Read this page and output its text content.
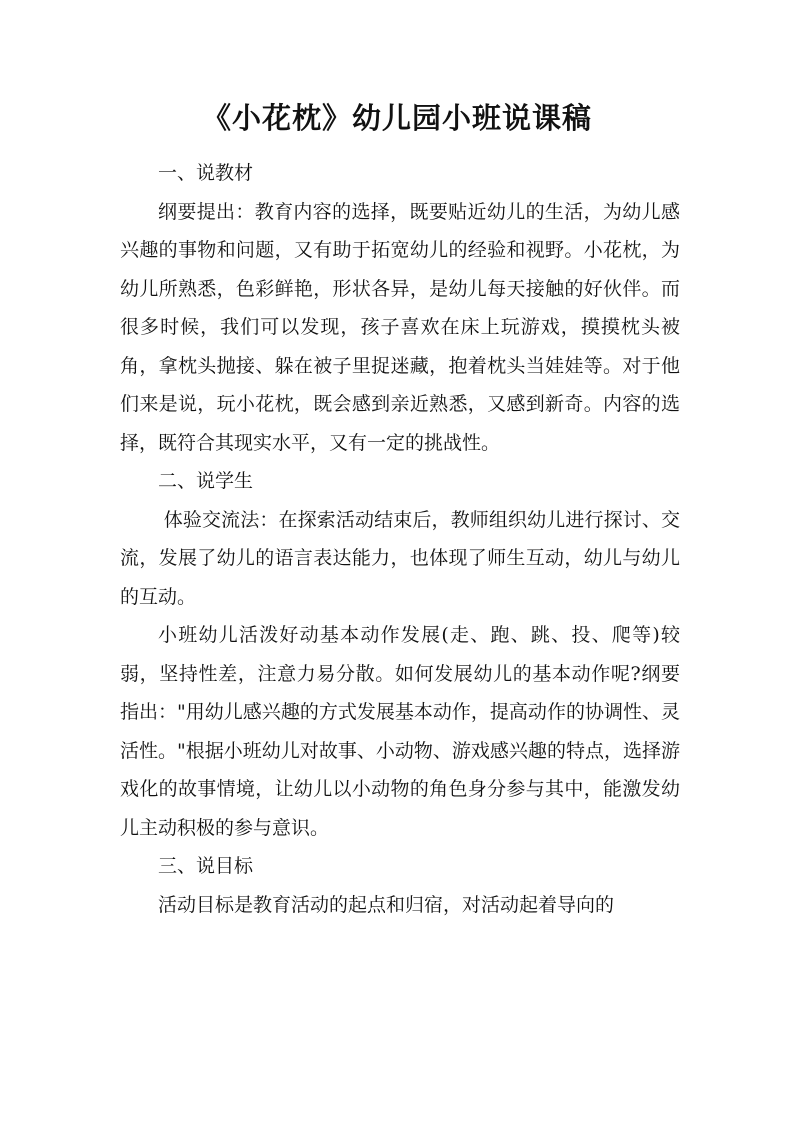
《小花枕》幼儿园小班说课稿

一、说教材

纲要提出：教育内容的选择，既要贴近幼儿的生活，为幼儿感兴趣的事物和问题，又有助于拓宽幼儿的经验和视野。小花枕，为幼儿所熟悉，色彩鲜艳，形状各异，是幼儿每天接触的好伙伴。而很多时候，我们可以发现，孩子喜欢在床上玩游戏，摸摸枕头被角，拿枕头抛接、躲在被子里捉迷藏，抱着枕头当娃娃等。对于他们来是说，玩小花枕，既会感到亲近熟悉，又感到新奇。内容的选择，既符合其现实水平，又有一定的挑战性。

二、说学生

体验交流法：在探索活动结束后，教师组织幼儿进行探讨、交流，发展了幼儿的语言表达能力，也体现了师生互动，幼儿与幼儿的互动。

小班幼儿活泼好动基本动作发展(走、跑、跳、投、爬等)较弱，坚持性差，注意力易分散。如何发展幼儿的基本动作呢?纲要指出："用幼儿感兴趣的方式发展基本动作，提高动作的协调性、灵活性。"根据小班幼儿对故事、小动物、游戏感兴趣的特点，选择游戏化的故事情境，让幼儿以小动物的角色身分参与其中，能激发幼儿主动积极的参与意识。

三、说目标

活动目标是教育活动的起点和归宿，对活动起着导向的
